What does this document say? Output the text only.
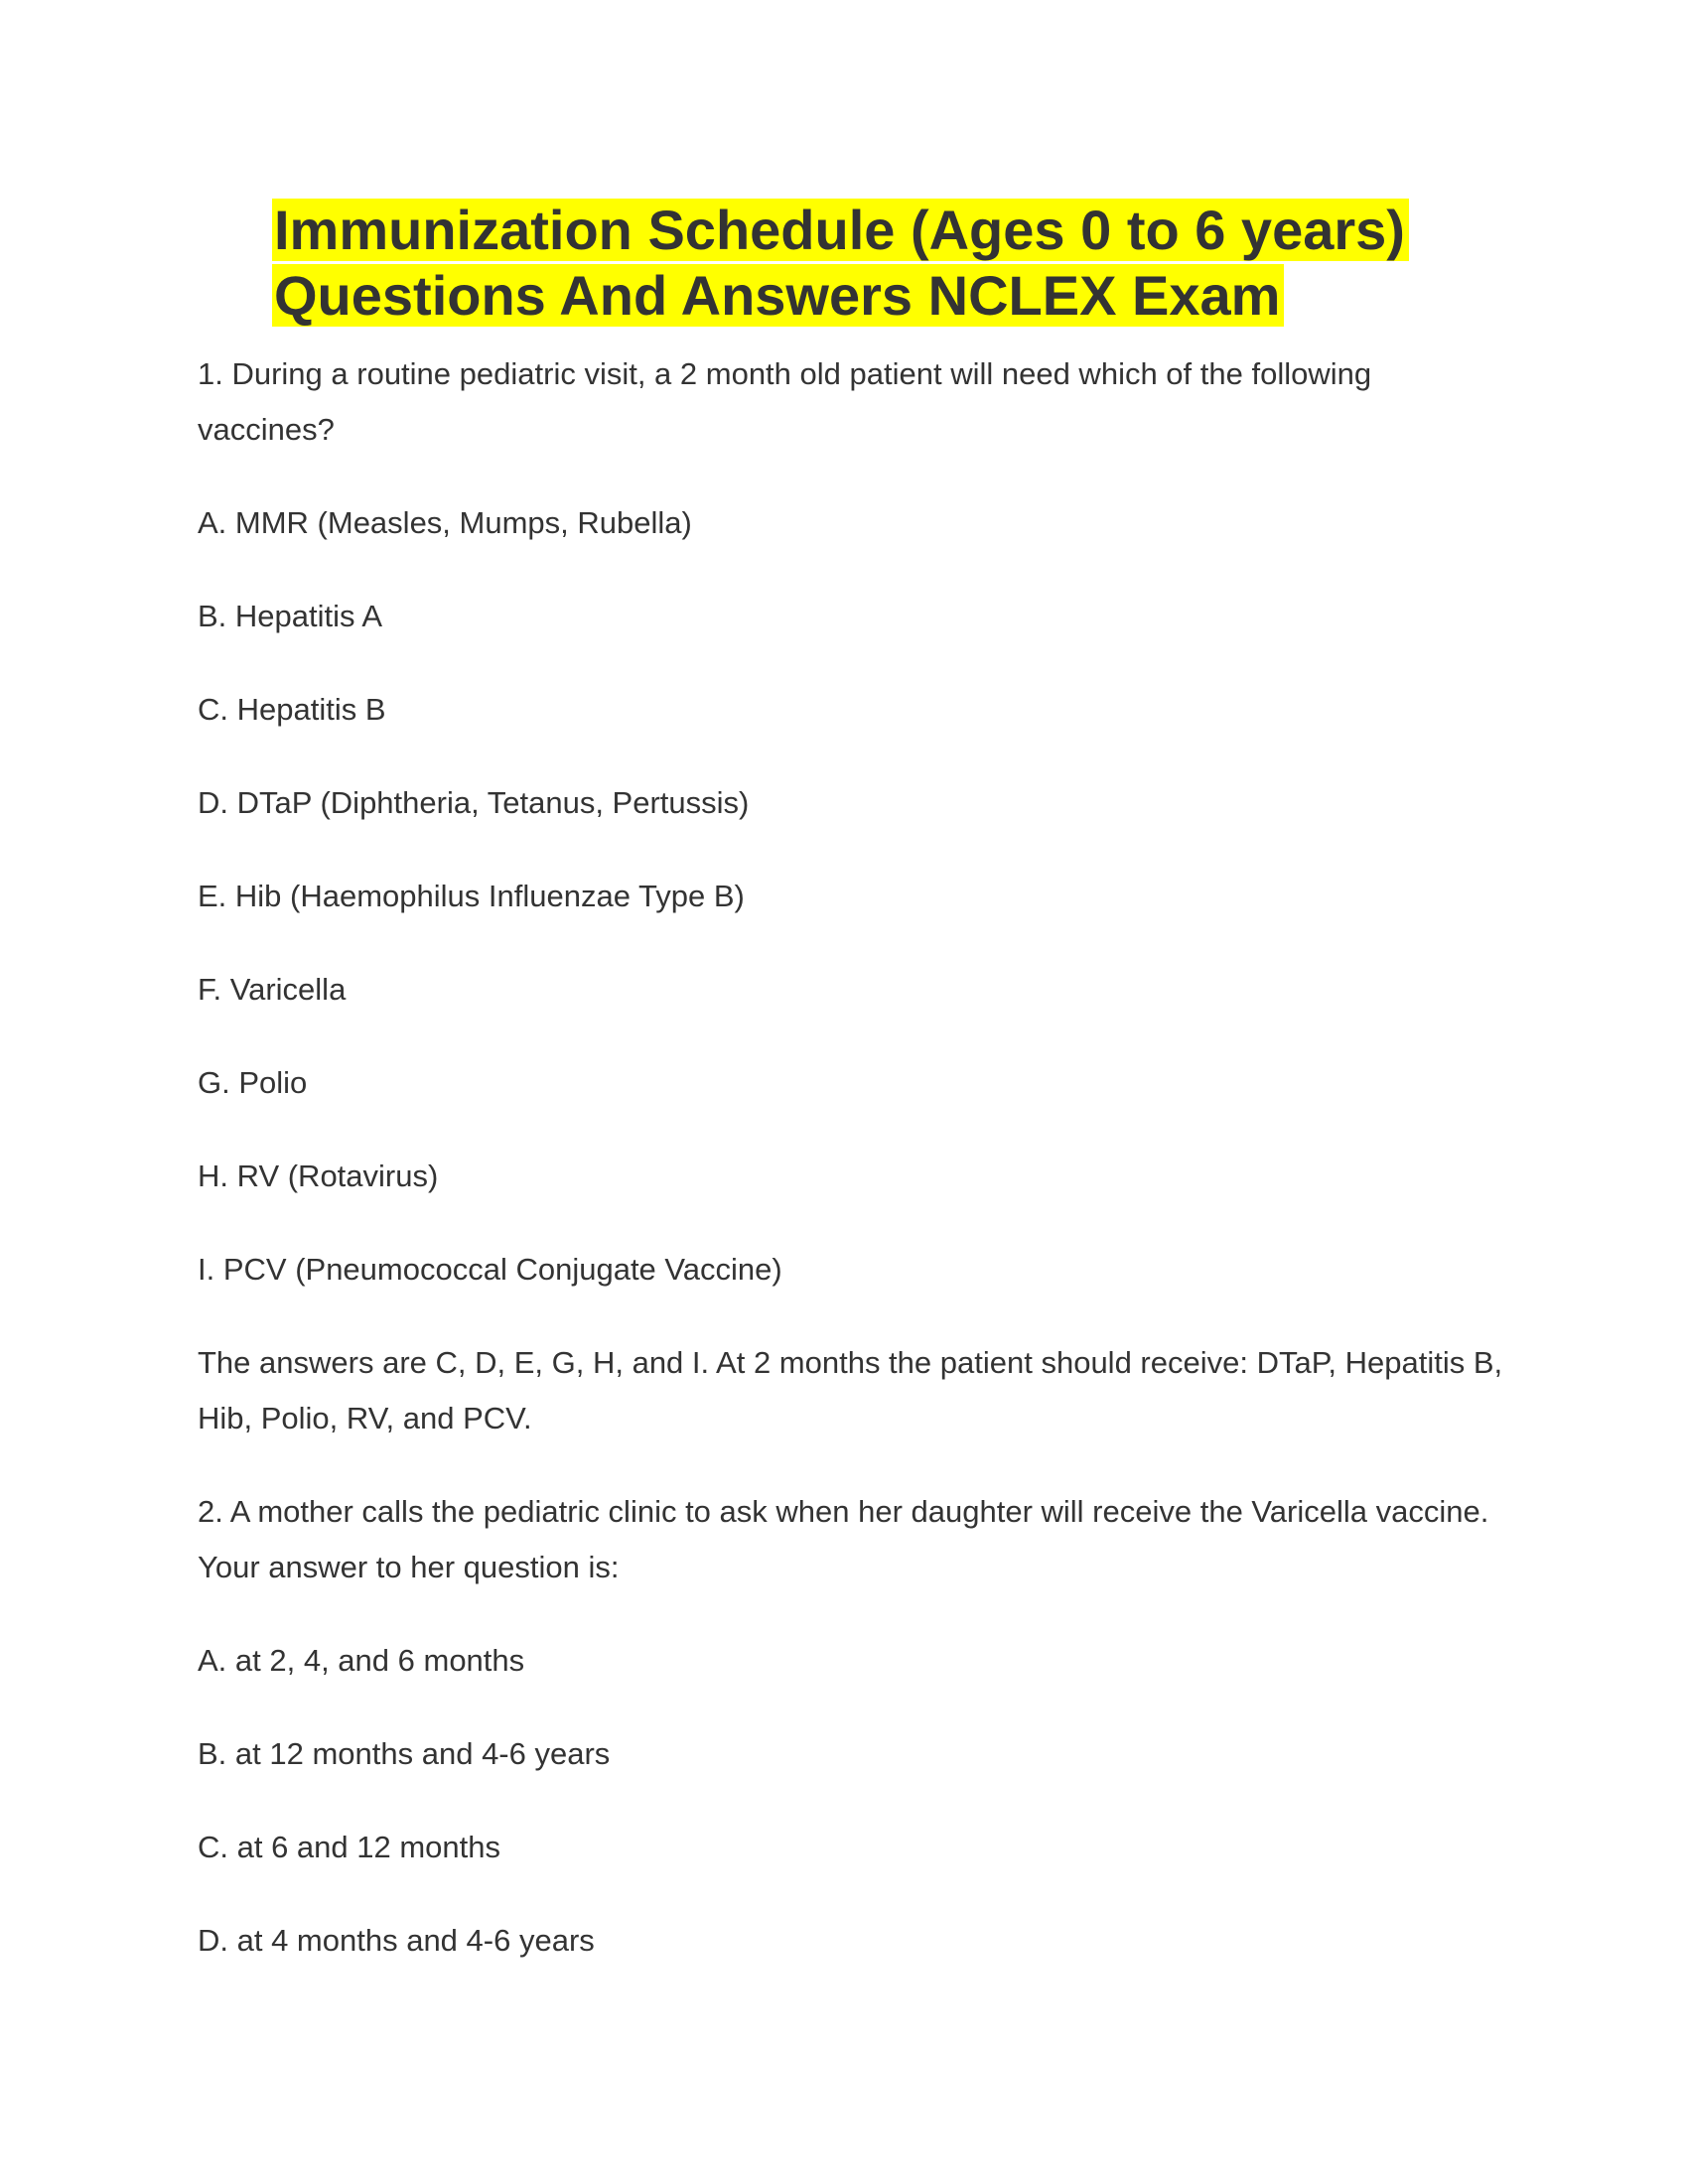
Immunization Schedule (Ages 0 to 6 years)
Questions And Answers NCLEX Exam

1. During a routine pediatric visit, a 2 month old patient will need which of the following vaccines?

A. MMR (Measles, Mumps, Rubella)

B. Hepatitis A

C. Hepatitis B

D. DTaP (Diphtheria, Tetanus, Pertussis)

E. Hib (Haemophilus Influenzae Type B)

F. Varicella

G. Polio

H. RV (Rotavirus)

I. PCV (Pneumococcal Conjugate Vaccine)

The answers are C, D, E, G, H, and I. At 2 months the patient should receive: DTaP, Hepatitis B, Hib, Polio, RV, and PCV.

2. A mother calls the pediatric clinic to ask when her daughter will receive the Varicella vaccine. Your answer to her question is:

A. at 2, 4, and 6 months

B. at 12 months and 4-6 years

C. at 6 and 12 months

D. at 4 months and 4-6 years
